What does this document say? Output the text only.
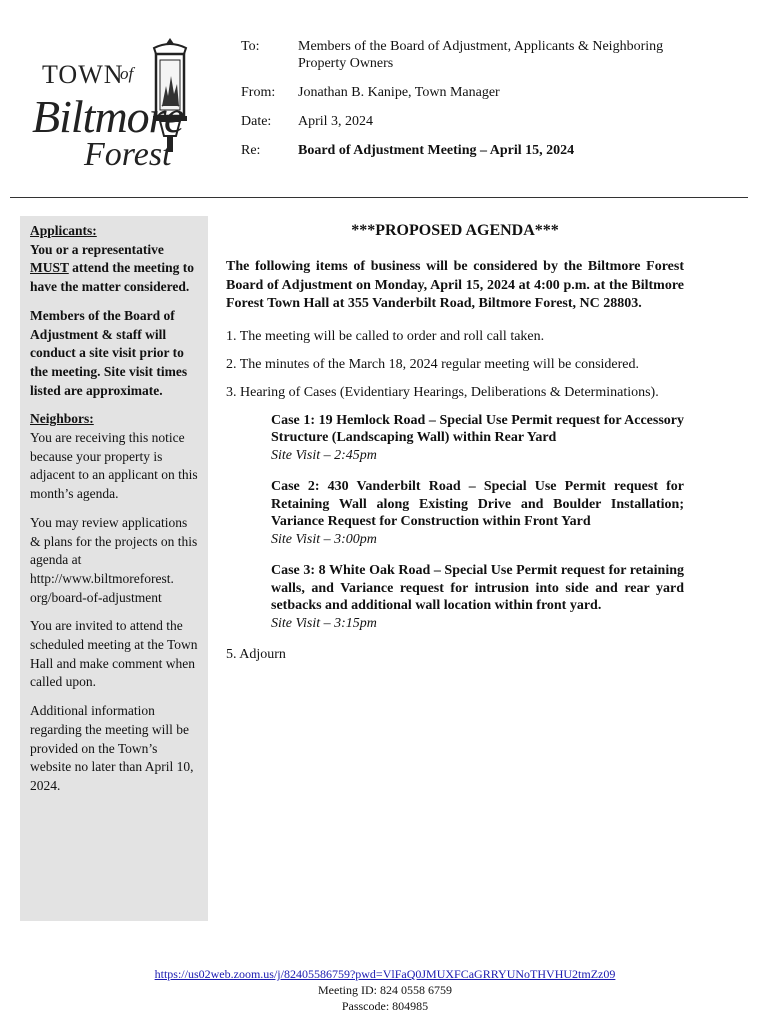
TOWN
of
Biltmore
Forest
To:	Members of the Board of Adjustment, Applicants & Neighboring Property Owners
From:	Jonathan B. Kanipe, Town Manager
Date:	April 3, 2024
Re:	Board of Adjustment Meeting – April 15, 2024
Applicants:

You or a representative MUST attend the meeting to have the matter considered.

Members of the Board of Adjustment & staff will conduct a site visit prior to the meeting. Site visit times listed are approximate.

Neighbors:

You are receiving this notice because your property is adjacent to an applicant on this month’s agenda.

You may review applications & plans for the projects on this agenda at
http://www.biltmoreforest.
org/board-of-adjustment

You are invited to attend the scheduled meeting at the Town Hall and make comment when called upon.

Additional information regarding the meeting will be provided on the Town’s website no later than April 10, 2024.

***PROPOSED AGENDA***

The following items of business will be considered by the Biltmore Forest Board of Adjustment on Monday, April 15, 2024 at 4:00 p.m. at the Biltmore Forest Town Hall at 355 Vanderbilt Road, Biltmore Forest, NC 28803.

1. The meeting will be called to order and roll call taken.

2. The minutes of the March 18, 2024 regular meeting will be considered.

3. Hearing of Cases (Evidentiary Hearings, Deliberations & Determinations).

Case 1: 19 Hemlock Road – Special Use Permit request for Accessory Structure (Landscaping Wall) within Rear Yard
Site Visit – 2:45pm
Case 2: 430 Vanderbilt Road – Special Use Permit request for Retaining Wall along Existing Drive and Boulder Installation; Variance Request for Construction within Front Yard
Site Visit – 3:00pm
Case 3: 8 White Oak Road – Special Use Permit request for retaining walls, and Variance request for intrusion into side and rear yard setbacks and additional wall location within front yard.
Site Visit – 3:15pm

5. Adjourn

https://us02web.zoom.us/j/82405586759?pwd=VlFaQ0JMUXFCaGRRYUNoTHVHU2tmZz09
Meeting ID: 824 0558 6759
Passcode: 804985
